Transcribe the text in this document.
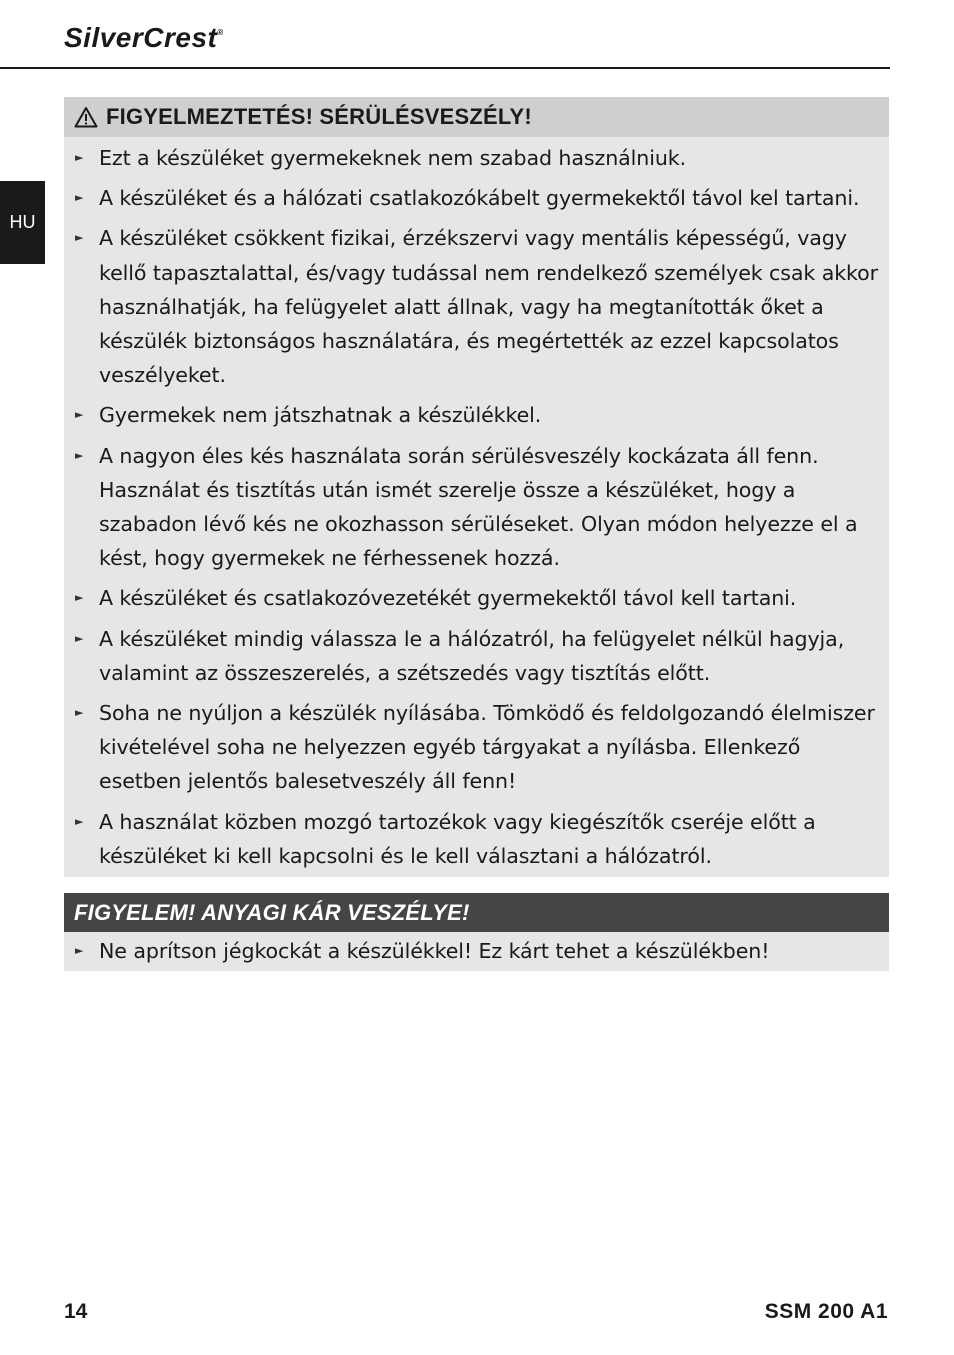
SilverCrest®
HU
FIGYELMEZTETÉS! SÉRÜLÉSVESZÉLY!
► Ezt a készüléket gyermekeknek nem szabad használniuk.
► A készüléket és a hálózati csatlakozókábelt gyermekektől távol kel tartani.
► A készüléket csökkent fizikai, érzékszervi vagy mentális képességű, vagy kellő tapasztalattal, és/vagy tudással nem rendelkező személyek csak akkor használhatják, ha felügyelet alatt állnak, vagy ha megtanították őket a készülék biztonságos használatára, és megértették az ezzel kapcsolatos veszélyeket.
► Gyermekek nem játszhatnak a készülékkel.
► A nagyon éles kés használata során sérülésveszély kockázata áll fenn. Használat és tisztítás után ismét szerelje össze a készüléket, hogy a szabadon lévő kés ne okozhasson sérüléseket. Olyan módon helyezze el a kést, hogy gyermekek ne férhessenek hozzá.
► A készüléket és csatlakozóvezetékét gyermekektől távol kell tartani.
► A készüléket mindig válassza le a hálózatról, ha felügyelet nélkül hagyja, valamint az összeszerelés, a szétszedés vagy tisztítás előtt.
► Soha ne nyúljon a készülék nyílásába. Tömködő és feldolgozandó élelmiszer kivételével soha ne helyezzen egyéb tárgyakat a nyílásba. Ellenkező esetben jelentős balesetveszély áll fenn!
► A használat közben mozgó tartozékok vagy kiegészítők cseréje előtt a készüléket ki kell kapcsolni és le kell választani a hálózatról.
FIGYELEM! ANYAGI KÁR VESZÉLYE!
► Ne aprítson jégkockát a készülékkel! Ez kárt tehet a készülékben!
14	SSM 200 A1
